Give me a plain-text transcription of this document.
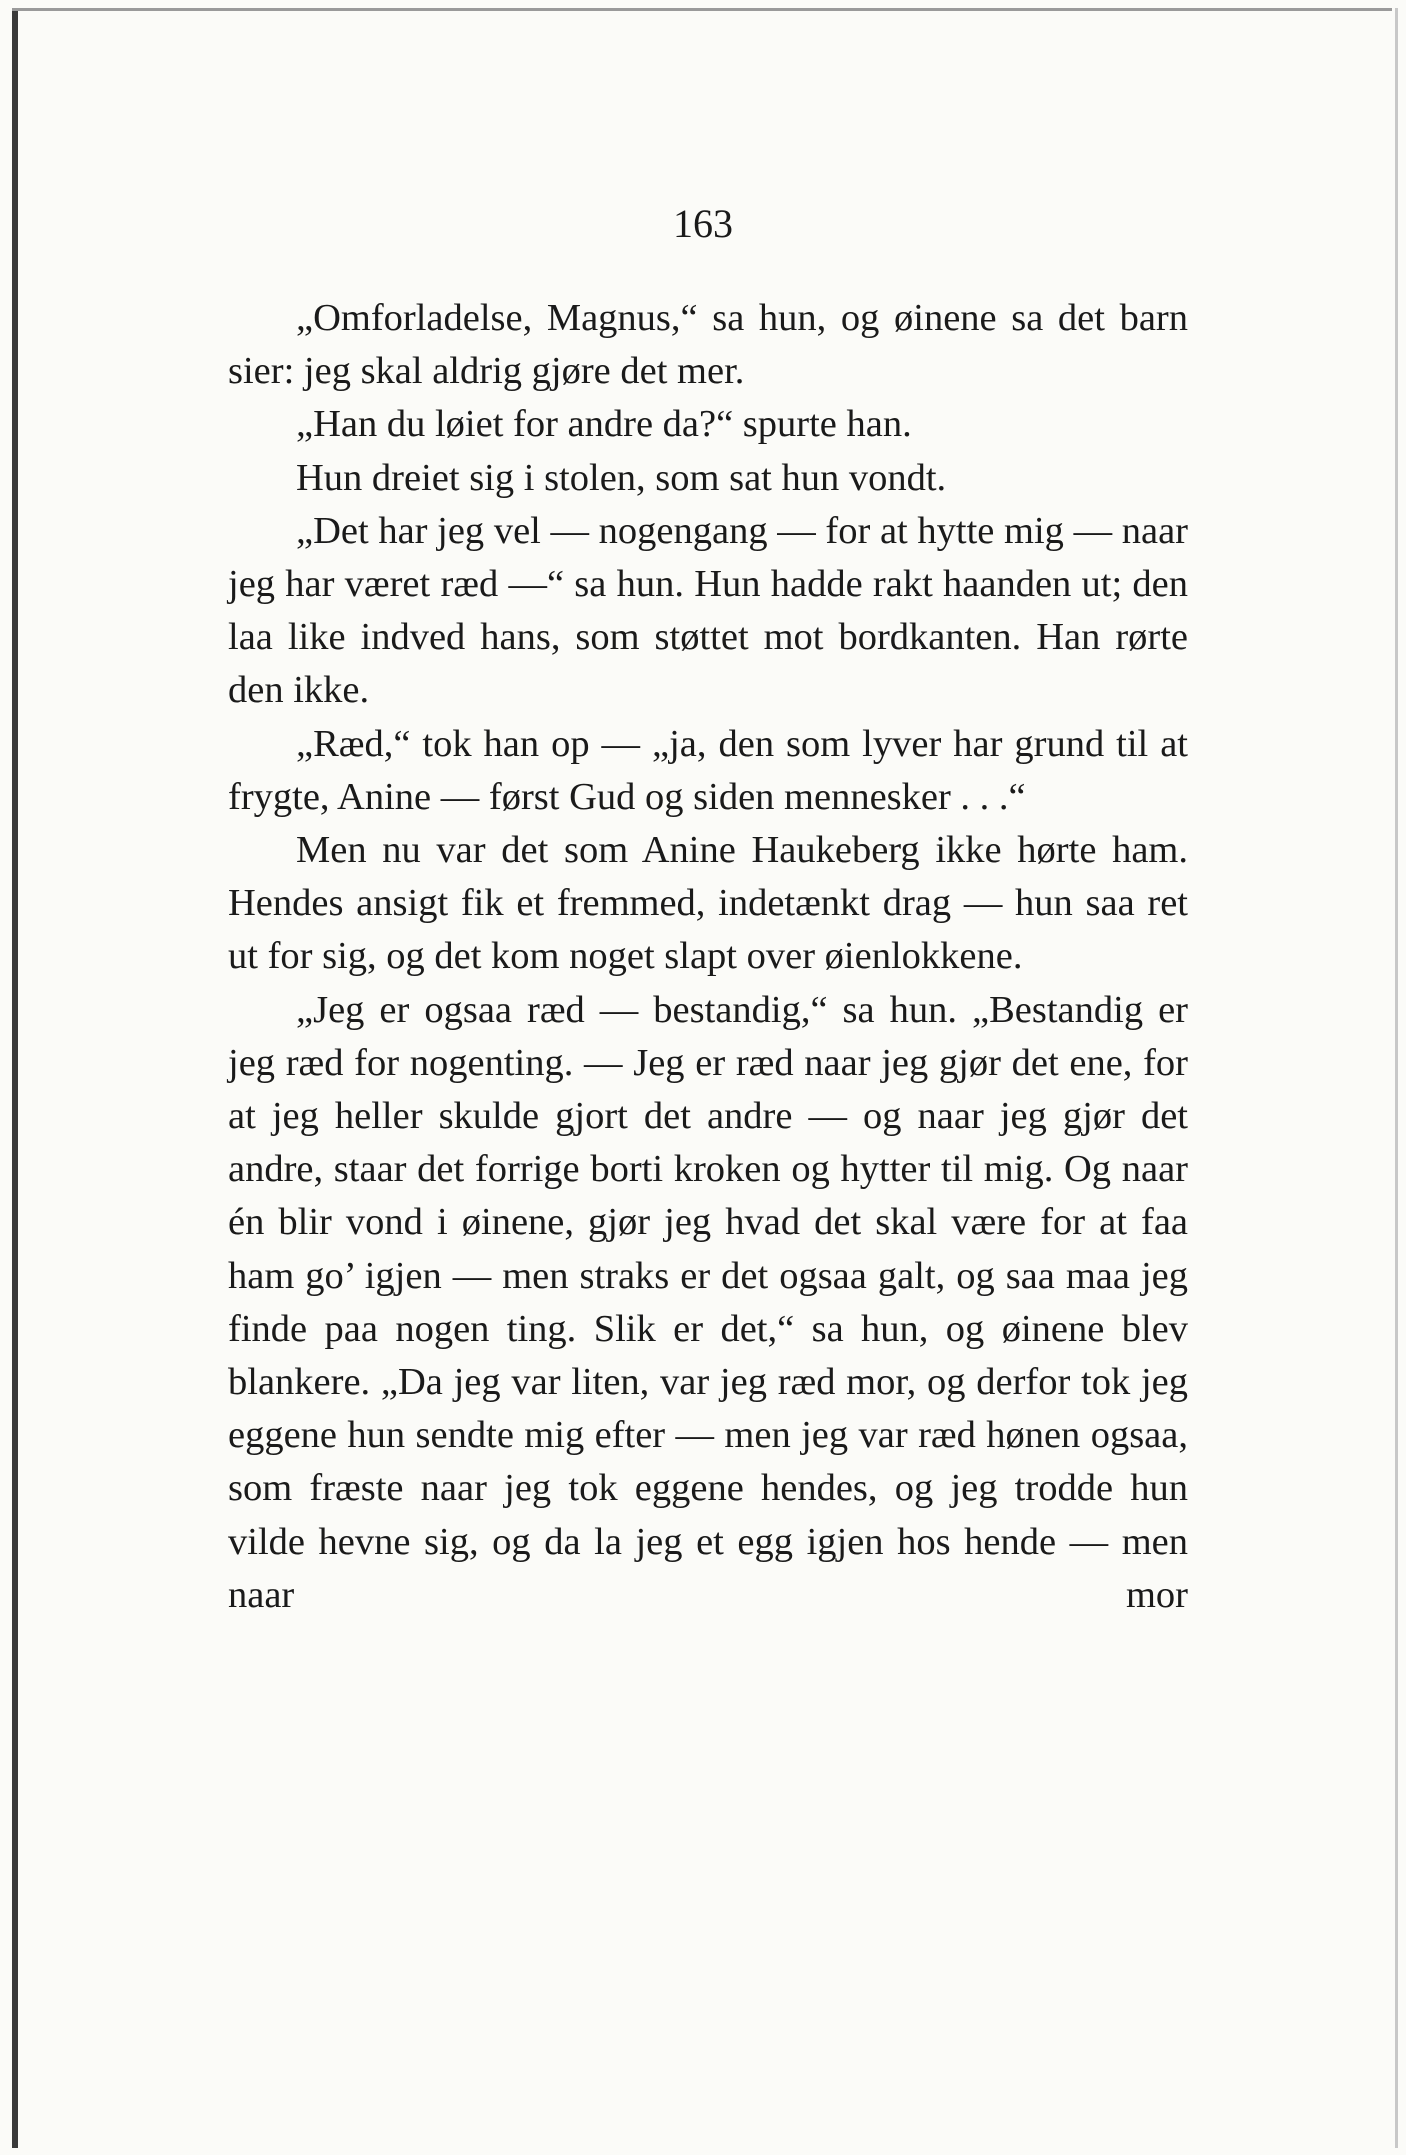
163

„Omforladelse, Magnus,“ sa hun, og øinene sa det barn sier: jeg skal aldrig gjøre det mer.

„Han du løiet for andre da?“ spurte han.

Hun dreiet sig i stolen, som sat hun vondt.

„Det har jeg vel — nogengang — for at hytte mig — naar jeg har været ræd —“ sa hun. Hun hadde rakt haanden ut; den laa like indved hans, som støttet mot bordkanten. Han rørte den ikke.

„Ræd,“ tok han op — „ja, den som lyver har grund til at frygte, Anine — først Gud og siden mennesker . . .“

Men nu var det som Anine Haukeberg ikke hørte ham. Hendes ansigt fik et fremmed, indetænkt drag — hun saa ret ut for sig, og det kom noget slapt over øienlokkene.

„Jeg er ogsaa ræd — bestandig,“ sa hun. „Bestandig er jeg ræd for nogenting. — Jeg er ræd naar jeg gjør det ene, for at jeg heller skulde gjort det andre — og naar jeg gjør det andre, staar det forrige borti kroken og hytter til mig. Og naar én blir vond i øinene, gjør jeg hvad det skal være for at faa ham go’ igjen — men straks er det ogsaa galt, og saa maa jeg finde paa nogen ting. Slik er det,“ sa hun, og øinene blev blankere. „Da jeg var liten, var jeg ræd mor, og derfor tok jeg eggene hun sendte mig efter — men jeg var ræd hønen ogsaa, som fræste naar jeg tok eggene hendes, og jeg trodde hun vilde hevne sig, og da la jeg et egg igjen hos hende — men naar mor
